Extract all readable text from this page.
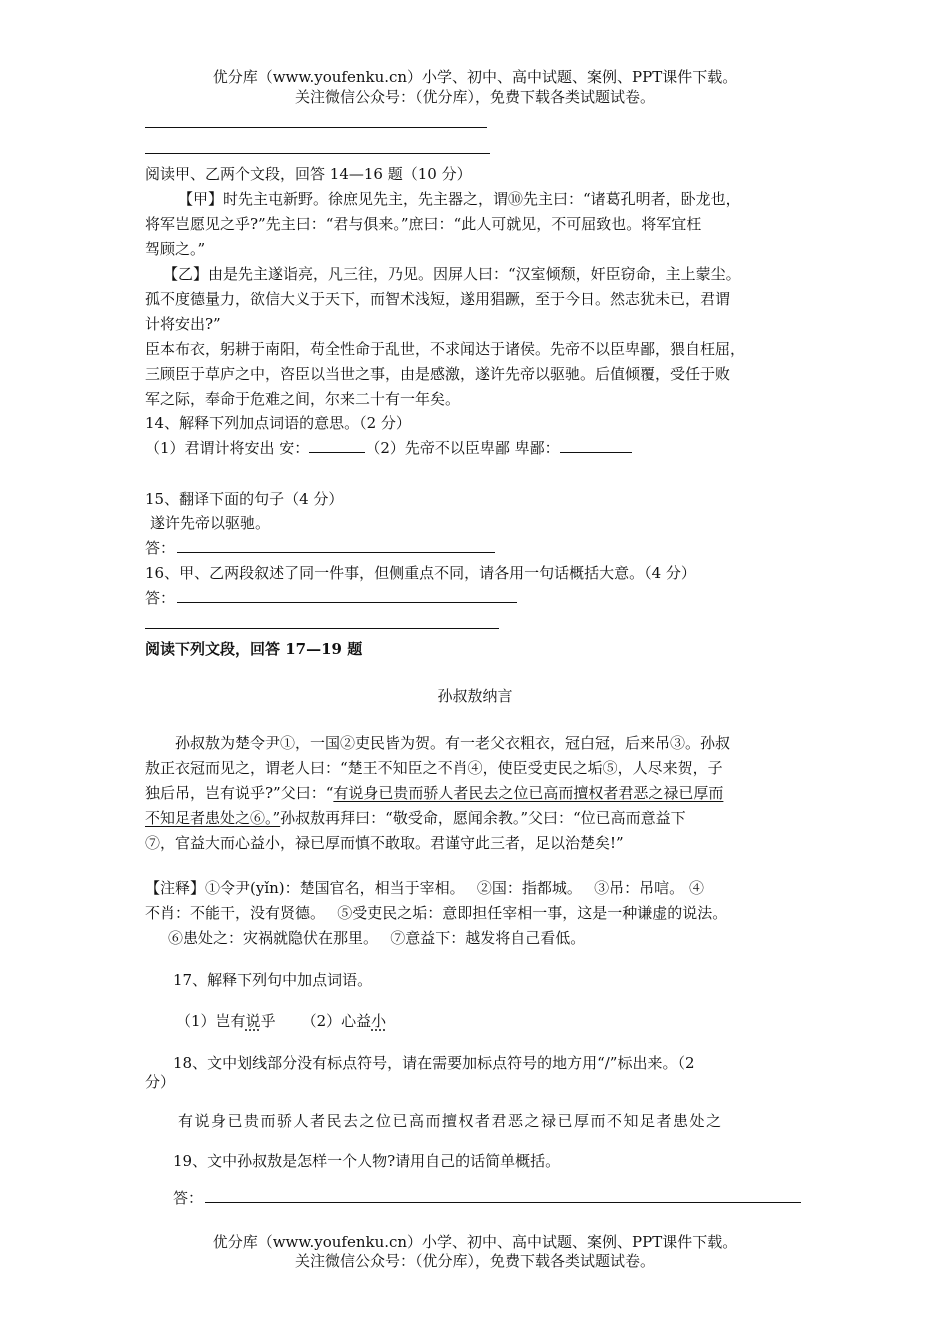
优分库（www.youfenku.cn）小学、初中、高中试题、案例、PPT课件下载。
关注微信公众号：（优分库），免费下载各类试题试卷。
阅读甲、乙两个文段，回答 14—16 题（10 分）
【甲】时先主屯新野。徐庶见先主，先主器之，谓⑩先主曰：“诸葛孔明者，卧龙也，
将军岂愿见之乎?”先主曰：“君与俱来。”庶曰：“此人可就见，不可屈致也。将军宜枉
驾顾之。”
【乙】由是先主遂诣亮，凡三往，乃见。因屏人曰：“汉室倾颓，奸臣窃命，主上蒙尘。
孤不度德量力，欲信大义于天下，而智术浅短，遂用猖蹶，至于今日。然志犹未已，君谓
计将安出?”
臣本布衣，躬耕于南阳，苟全性命于乱世，不求闻达于诸侯。先帝不以臣卑鄙，猥自枉屈，
三顾臣于草庐之中，咨臣以当世之事，由是感激，遂许先帝以驱驰。后值倾覆，受任于败
军之际，奉命于危难之间，尔来二十有一年矣。
14、解释下列加点词语的意思。（2 分）
（1）君谓计将安出 安：	（2）先帝不以臣卑鄙 卑鄙：
15、翻译下面的句子（4 分）
遂许先帝以驱驰。
答：
16、甲、乙两段叙述了同一件事，但侧重点不同，请各用一句话概括大意。（4 分）
答：
阅读下列文段，回答 17—19 题
孙叔敖纳言
孙叔敖为楚令尹①，一国②吏民皆为贺。有一老父衣粗衣，冠白冠，后来吊③。孙叔
敖正衣冠而见之，谓老人曰：“楚王不知臣之不肖④，使臣受吏民之垢⑤，人尽来贺，子
独后吊，岂有说乎?”父曰：“有说身已贵而骄人者民去之位已高而擅权者君恶之禄已厚而
不知足者患处之⑥。”孙叔敖再拜曰：“敬受命，愿闻余教。”父曰：“位已高而意益下
⑦，官益大而心益小，禄已厚而慎不敢取。君谨守此三者，足以治楚矣!”
【注释】①令尹(yǐn)：楚国官名，相当于宰相。　 ②国：指都城。　 ③吊：吊唁。 ④
不肖：不能干，没有贤德。　 ⑤受吏民之垢：意即担任宰相一事，这是一种谦虚的说法。
⑥患处之：灾祸就隐伏在那里。　 ⑦意益下：越发将自己看低。
17、解释下列句中加点词语。
（1）岂有说乎 （2）心益小
18、文中划线部分没有标点符号，请在需要加标点符号的地方用“/”标出来。（2
分）
有说身已贵而骄人者民去之位已高而擅权者君恶之禄已厚而不知足者患处之
19、文中孙叔敖是怎样一个人物?请用自己的话简单概括。
答：
优分库（www.youfenku.cn）小学、初中、高中试题、案例、PPT课件下载。
关注微信公众号：（优分库），免费下载各类试题试卷。
